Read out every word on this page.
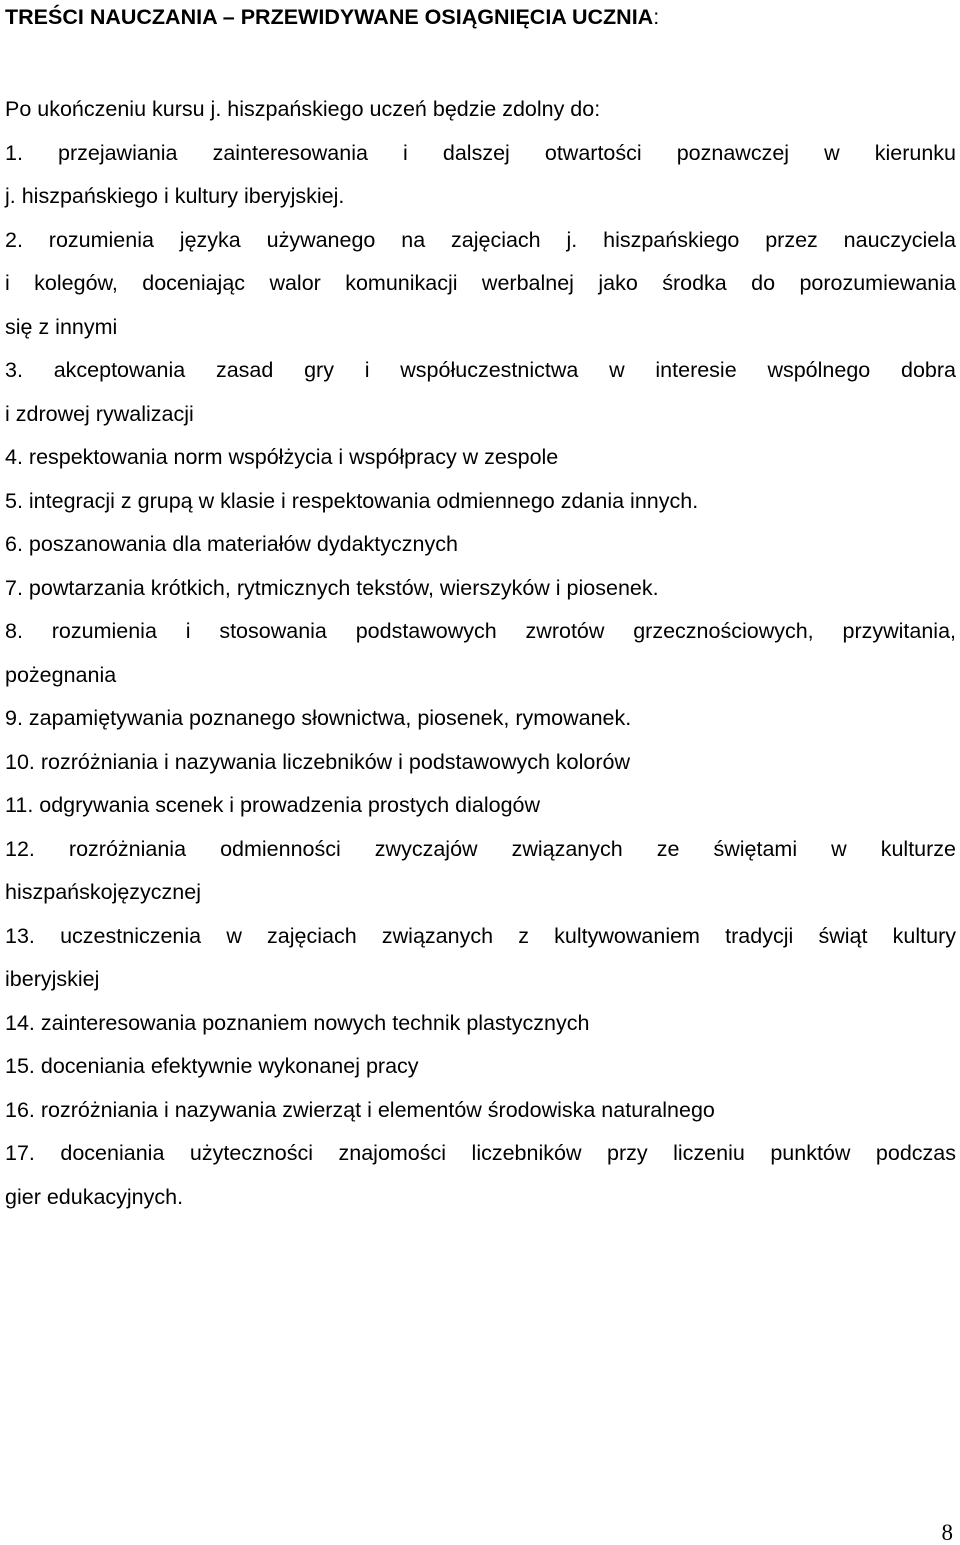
TREŚCI NAUCZANIA – PRZEWIDYWANE OSIĄGNIĘCIA UCZNIA:
Po ukończeniu kursu j. hiszpańskiego uczeń będzie zdolny do:
1. przejawiania zainteresowania i dalszej otwartości poznawczej w kierunku
j. hiszpańskiego i kultury iberyjskiej.
2. rozumienia języka używanego na zajęciach j. hiszpańskiego przez nauczyciela
i kolegów, doceniając walor komunikacji werbalnej jako środka do porozumiewania
się z innymi
3. akceptowania zasad gry i współuczestnictwa w interesie wspólnego dobra
i zdrowej rywalizacji
4. respektowania norm współżycia i współpracy w zespole
5. integracji z grupą w klasie i respektowania odmiennego zdania innych.
6. poszanowania dla materiałów dydaktycznych
7. powtarzania krótkich, rytmicznych tekstów, wierszyków i piosenek.
8. rozumienia i stosowania podstawowych zwrotów grzecznościowych, przywitania,
pożegnania
9. zapamiętywania poznanego słownictwa, piosenek, rymowanek.
10. rozróżniania i nazywania liczebników i podstawowych kolorów
11. odgrywania scenek i prowadzenia prostych dialogów
12. rozróżniania odmienności zwyczajów związanych ze świętami w kulturze
hiszpańskojęzycznej
13. uczestniczenia w zajęciach związanych z kultywowaniem tradycji świąt kultury
iberyjskiej
14. zainteresowania poznaniem nowych technik plastycznych
15. doceniania efektywnie wykonanej pracy
16. rozróżniania i nazywania zwierząt i elementów środowiska naturalnego
17. doceniania użyteczności znajomości liczebników przy liczeniu punktów podczas
gier edukacyjnych.
8
